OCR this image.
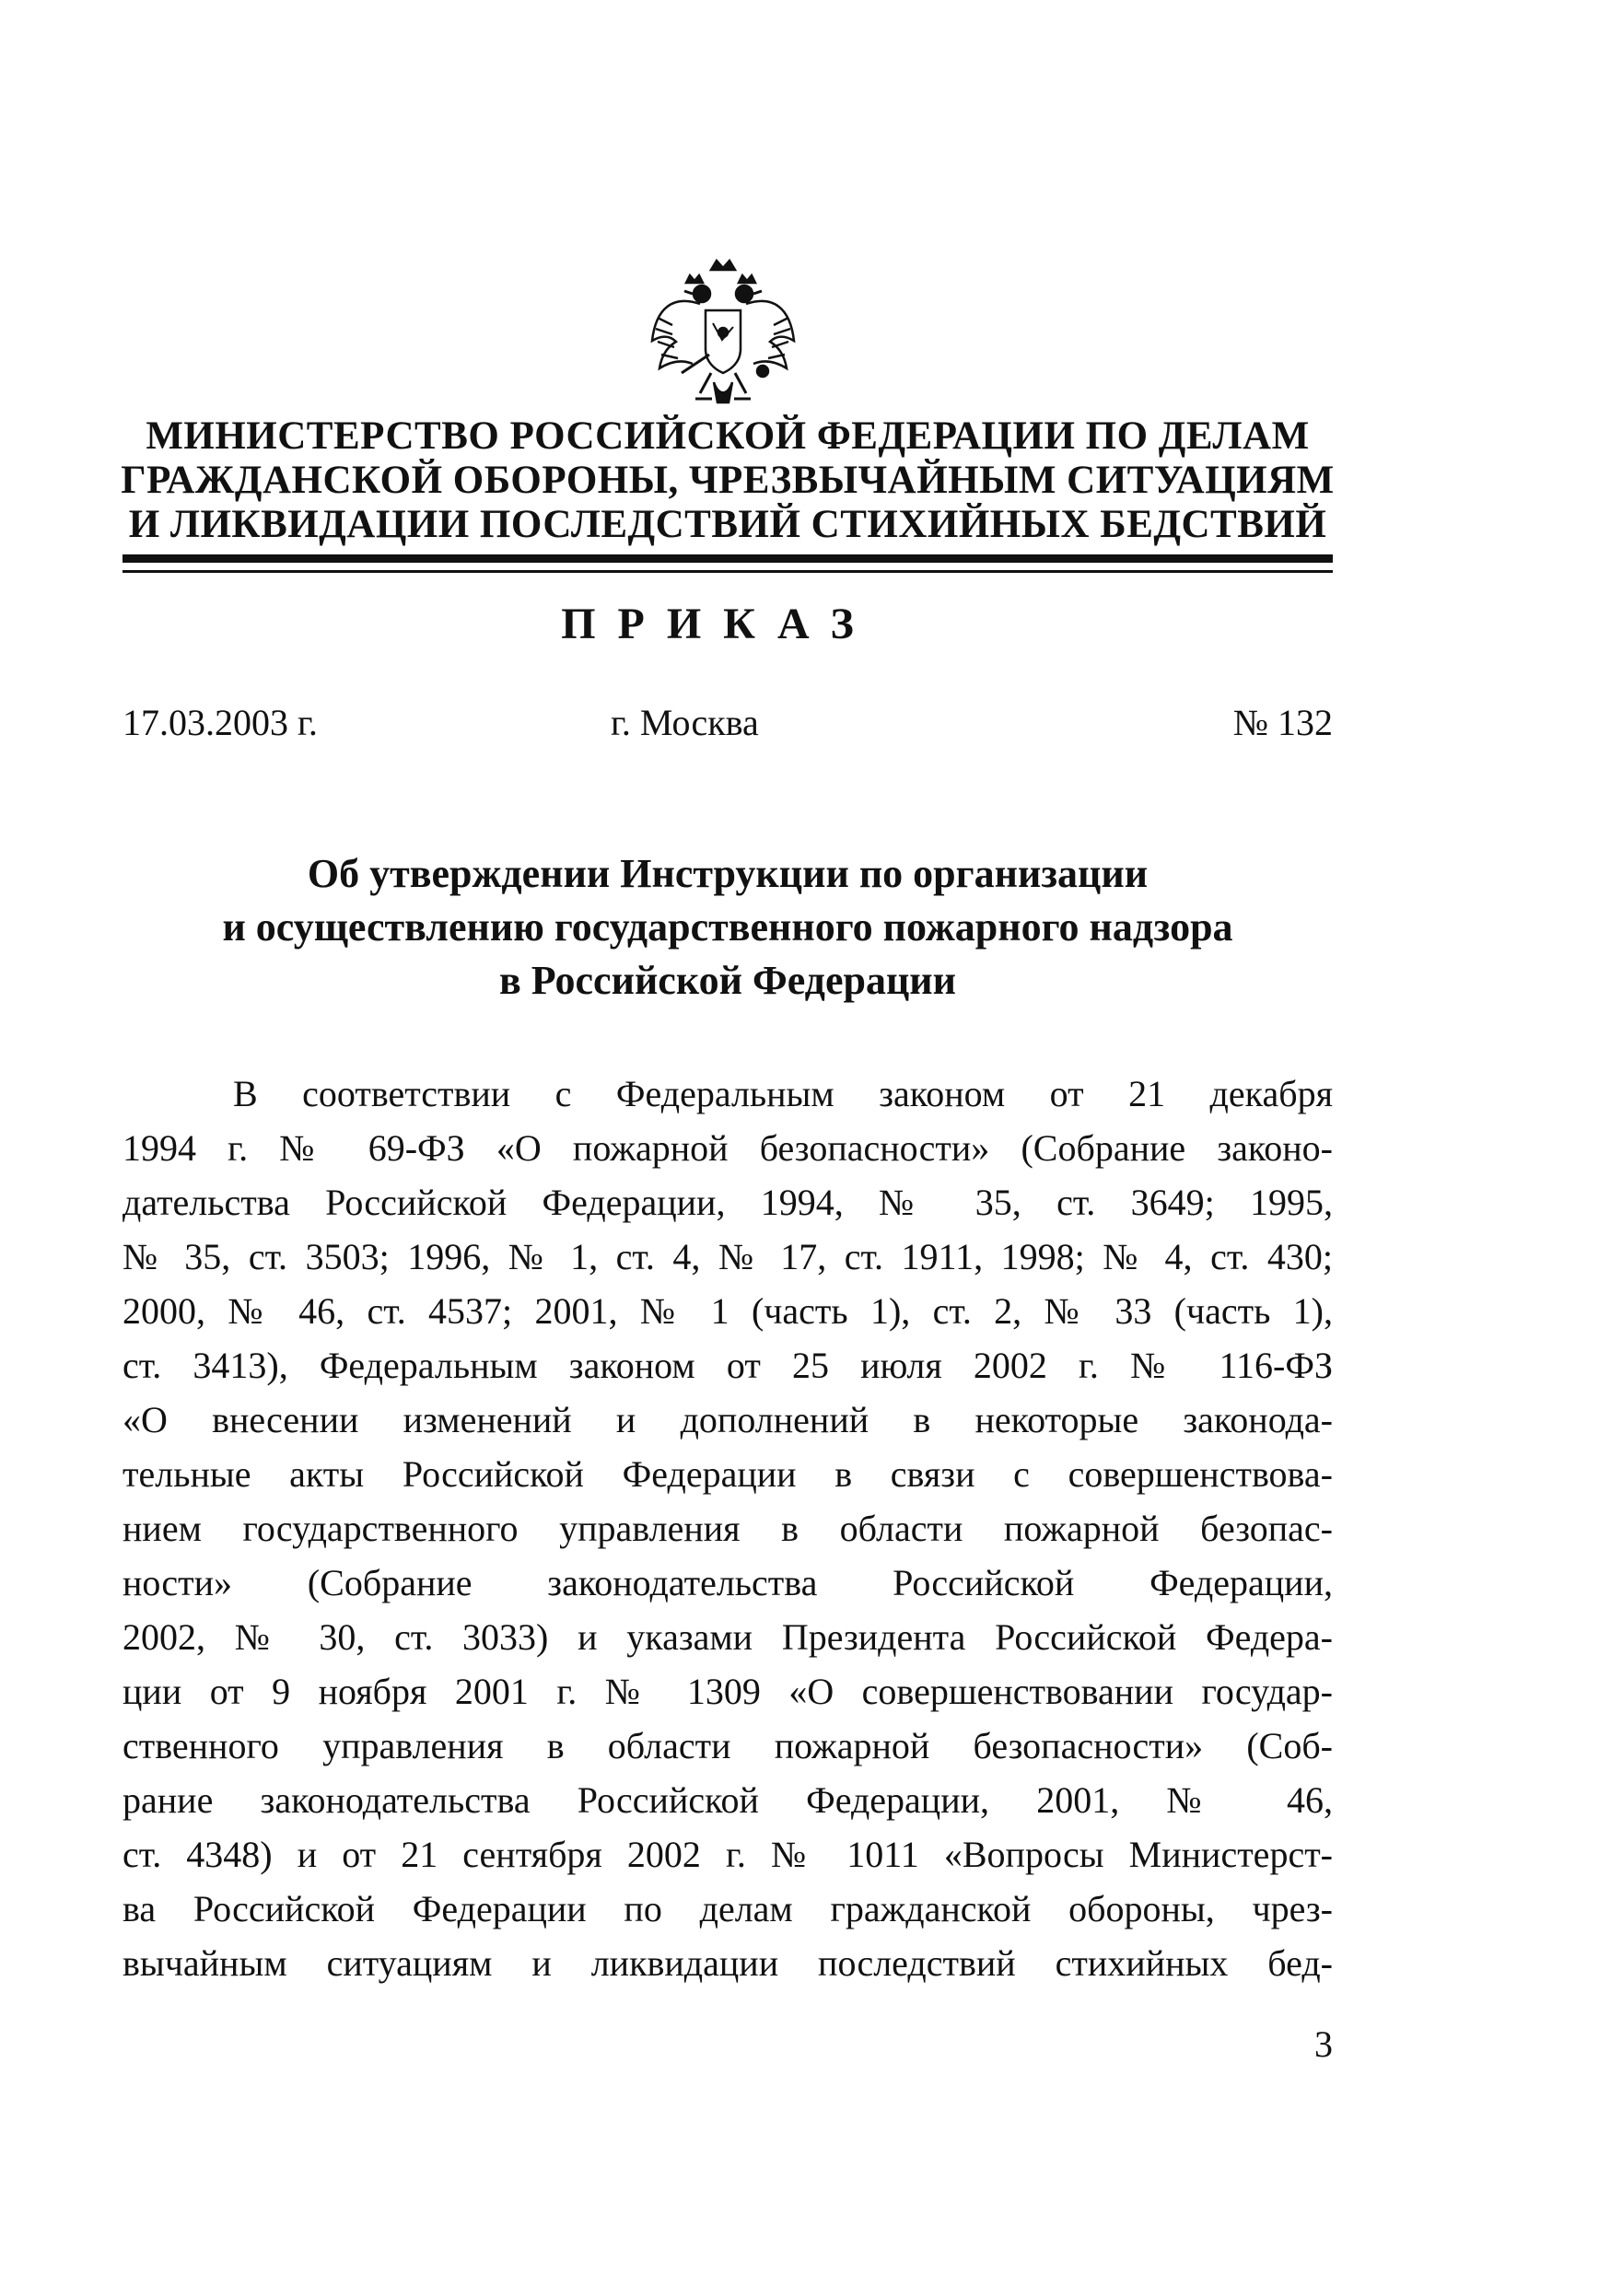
МИНИСТЕРСТВО РОССИЙСКОЙ ФЕДЕРАЦИИ ПО ДЕЛАМ
ГРАЖДАНСКОЙ ОБОРОНЫ, ЧРЕЗВЫЧАЙНЫМ СИТУАЦИЯМ
И ЛИКВИДАЦИИ ПОСЛЕДСТВИЙ СТИХИЙНЫХ БЕДСТВИЙ
ПРИКАЗ
17.03.2003 г.	г. Москва	№ 132
Об утверждении Инструкции по организации
и осуществлению государственного пожарного надзора
в Российской Федерации
В соответствии с Федеральным законом от 21 декабря
1994 г. № 69-ФЗ «О пожарной безопасности» (Собрание законо-
дательства Российской Федерации, 1994, № 35, ст. 3649; 1995,
№ 35, ст. 3503; 1996, № 1, ст. 4, № 17, ст. 1911, 1998; № 4, ст. 430;
2000, № 46, ст. 4537; 2001, № 1 (часть 1), ст. 2, № 33 (часть 1),
ст. 3413), Федеральным законом от 25 июля 2002 г. № 116-ФЗ
«О внесении изменений и дополнений в некоторые законода-
тельные акты Российской Федерации в связи с совершенствова-
нием государственного управления в области пожарной безопас-
ности» (Собрание законодательства Российской Федерации,
2002, № 30, ст. 3033) и указами Президента Российской Федера-
ции от 9 ноября 2001 г. № 1309 «О совершенствовании государ-
ственного управления в области пожарной безопасности» (Соб-
рание законодательства Российской Федерации, 2001, № 46,
ст. 4348) и от 21 сентября 2002 г. № 1011 «Вопросы Министерст-
ва Российской Федерации по делам гражданской обороны, чрез-
вычайным ситуациям и ликвидации последствий стихийных бед-
3
